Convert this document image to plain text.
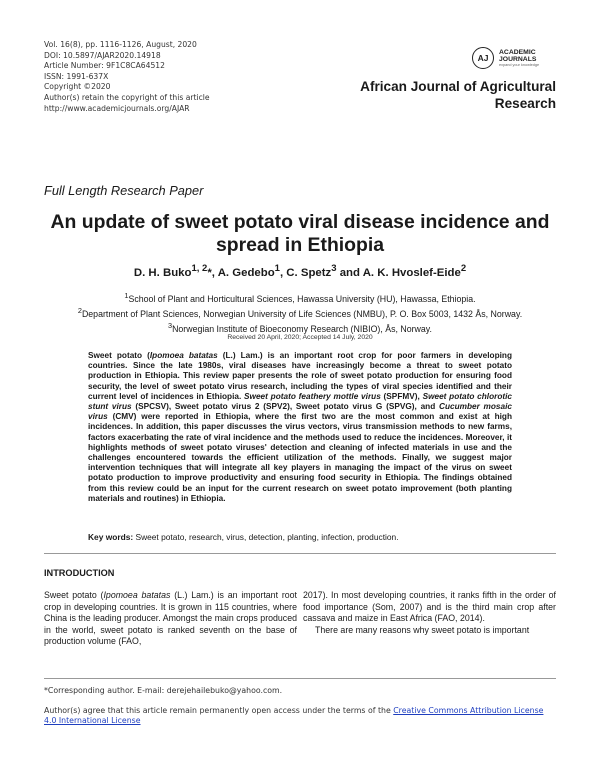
Vol. 16(8), pp. 1116-1126, August, 2020
DOI: 10.5897/AJAR2020.14918
Article Number: 9F1C8CA64512
ISSN: 1991-637X
Copyright ©2020
Author(s) retain the copyright of this article
http://www.academicjournals.org/AJAR
AJ
ACADEMIC
JOURNALS
expand your knowledge
African Journal of Agricultural
Research
Full Length Research Paper
An update of sweet potato viral disease incidence and
spread in Ethiopia
D. H. Buko$^{1, 2}$*, A. Gedebo$^1$, C. Spetz$^3$ and A. K. Hvoslef-Eide$^2$
$^1$School of Plant and Horticultural Sciences, Hawassa University (HU), Hawassa, Ethiopia.
$^2$Department of Plant Sciences, Norwegian University of Life Sciences (NMBU), P. O. Box 5003, 1432 Ås, Norway.
$^3$Norwegian Institute of Bioeconomy Research (NIBIO), Ås, Norway.
Received 20 April, 2020; Accepted 14 July, 2020
Sweet potato (Ipomoea batatas (L.) Lam.) is an important root crop for poor farmers in developing countries. Since the late 1980s, viral diseases have increasingly become a threat to sweet potato production in Ethiopia. This review paper presents the role of sweet potato production for ensuring food security, the level of sweet potato virus research, including the types of viral species identified and their current level of incidences in Ethiopia. Sweet potato feathery mottle virus (SPFMV), Sweet potato chlorotic stunt virus (SPCSV), Sweet potato virus 2 (SPV2), Sweet potato virus G (SPVG), and Cucumber mosaic virus (CMV) were reported in Ethiopia, where the first two are the most common and exist at high incidences. In addition, this paper discusses the virus vectors, virus transmission methods to new farms, factors exacerbating the rate of viral incidence and the methods used to reduce the incidences. Moreover, it highlights methods of sweet potato viruses' detection and cleaning of infected materials in use and the challenges encountered towards the efficient utilization of the methods. Finally, we suggest major intervention techniques that will integrate all key players in managing the impact of the virus on sweet potato production to improve productivity and ensuring food security in Ethiopia. The findings obtained from this review could be an input for the current research on sweet potato improvement (both planting materials and routines) in Ethiopia.
Key words: Sweet potato, research, virus, detection, planting, infection, production.
INTRODUCTION
Sweet potato (Ipomoea batatas (L.) Lam.) is an important root crop in developing countries. It is grown in 115 countries, where China is the leading producer. Amongst the main crops produced in the world, sweet potato is ranked seventh on the base of production volume (FAO,
2017). In most developing countries, it ranks fifth in the order of food importance (Som, 2007) and is the third main crop after cassava and maize in East Africa (FAO, 2014).
There are many reasons why sweet potato is important
*Corresponding author. E-mail: derejehailebuko@yahoo.com.
Author(s) agree that this article remain permanently open access under the terms of the Creative Commons Attribution License 4.0 International License
